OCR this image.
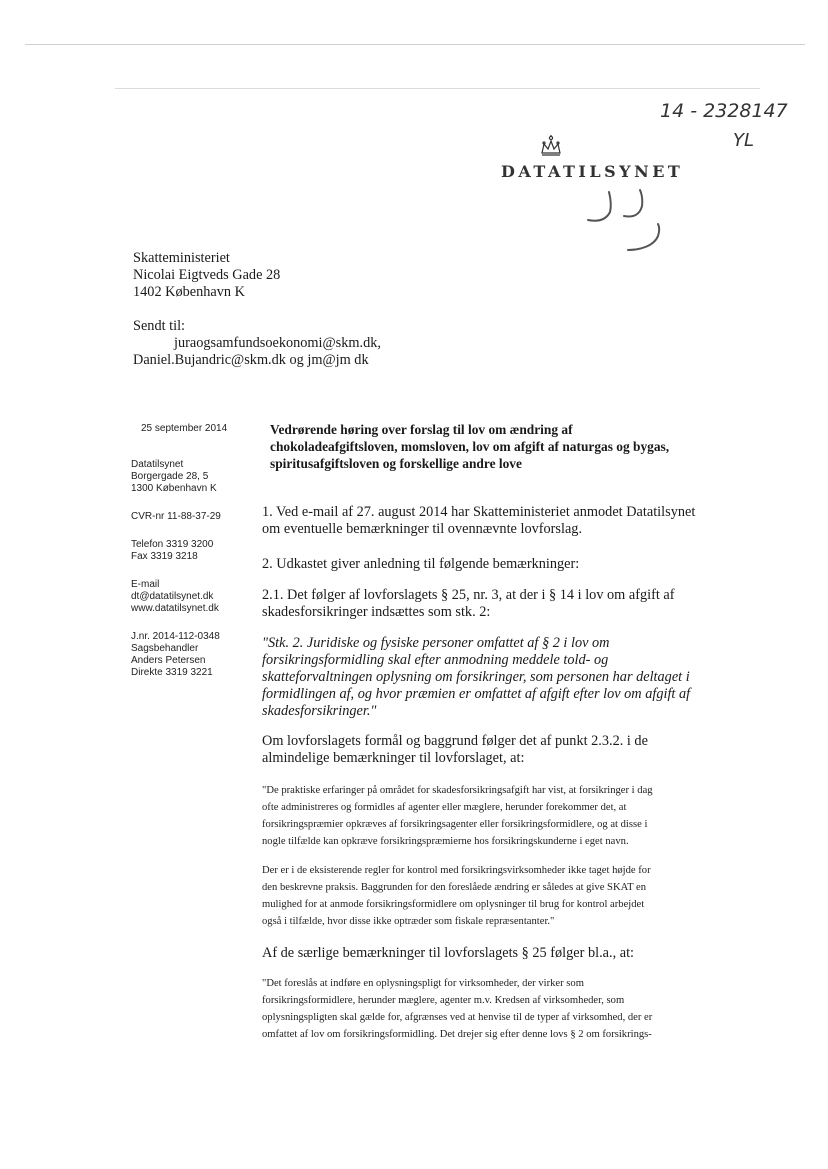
14 - 2328147
YL
DATATILSYNET
Skatteministeriet
Nicolai Eigtveds Gade 28
1402 København K
Sendt til:
juraogsamfundsoekonomi@skm.dk,
Daniel.Bujandric@skm.dk og jm@jm dk
25 september 2014
Datatilsynet
Borgergade 28, 5
1300 København K
CVR-nr 11-88-37-29
Telefon 3319 3200
Fax 3319 3218
E-mail
dt@datatilsynet.dk
www.datatilsynet.dk
J.nr. 2014-112-0348
Sagsbehandler
Anders Petersen
Direkte 3319 3221
Vedrørende høring over forslag til lov om ændring af
chokoladeafgiftsloven, momsloven, lov om afgift af naturgas og bygas,
spiritusafgiftsloven og forskellige andre love
1. Ved e-mail af 27. august 2014 har Skatteministeriet anmodet Datatilsynet
om eventuelle bemærkninger til ovennævnte lovforslag.
2. Udkastet giver anledning til følgende bemærkninger:
2.1. Det følger af lovforslagets § 25, nr. 3, at der i § 14 i lov om afgift af
skadesforsikringer indsættes som stk. 2:
"Stk. 2. Juridiske og fysiske personer omfattet af § 2 i lov om
forsikringsformidling skal efter anmodning meddele told- og
skatteforvaltningen oplysning om forsikringer, som personen har deltaget i
formidlingen af, og hvor præmien er omfattet af afgift efter lov om afgift af
skadesforsikringer."
Om lovforslagets formål og baggrund følger det af punkt 2.3.2. i de
almindelige bemærkninger til lovforslaget, at:
"De praktiske erfaringer på området for skadesforsikringsafgift har vist, at forsikringer i dag
ofte administreres og formidles af agenter eller mæglere, herunder forekommer det, at
forsikringspræmier opkræves af forsikringsagenter eller forsikringsformidlere, og at disse i
nogle tilfælde kan opkræve forsikringspræmierne hos forsikringskunderne i eget navn.
Der er i de eksisterende regler for kontrol med forsikringsvirksomheder ikke taget højde for
den beskrevne praksis. Baggrunden for den foreslåede ændring er således at give SKAT en
mulighed for at anmode forsikringsformidlere om oplysninger til brug for kontrol arbejdet
også i tilfælde, hvor disse ikke optræder som fiskale repræsentanter."
Af de særlige bemærkninger til lovforslagets § 25 følger bl.a., at:
"Det foreslås at indføre en oplysningspligt for virksomheder, der virker som
forsikringsformidlere, herunder mæglere, agenter m.v. Kredsen af virksomheder, som
oplysningspligten skal gælde for, afgrænses ved at henvise til de typer af virksomhed, der er
omfattet af lov om forsikringsformidling. Det drejer sig efter denne lovs § 2 om forsikrings-
